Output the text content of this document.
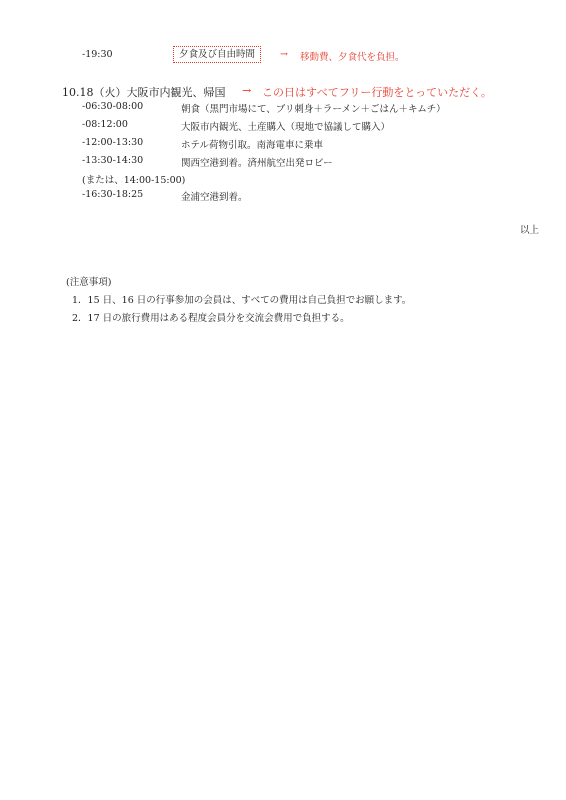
-19:30	夕食及び自由時間	→ 移動費、夕食代を負担。
10.18（火）大阪市内観光、帰国 → この日はすべてフリー行動をとっていただく。
-06:30-08:00	朝食（黒門市場にて、ブリ刺身＋ラーメン＋ごはん＋キムチ）
-08:12:00	大阪市内観光、土産購入（現地で協議して購入）
-12:00-13:30	ホテル荷物引取。南海電車に乗車
-13:30-14:30	関西空港到着。済州航空出発ロビー
(または、14:00-15:00)
-16:30-18:25	金浦空港到着。
以上
(注意事項)
1．15 日、16 日の行事参加の会員は、すべての費用は自己負担でお願します。
2．17 日の旅行費用はある程度会員分を交流会費用で負担する。
